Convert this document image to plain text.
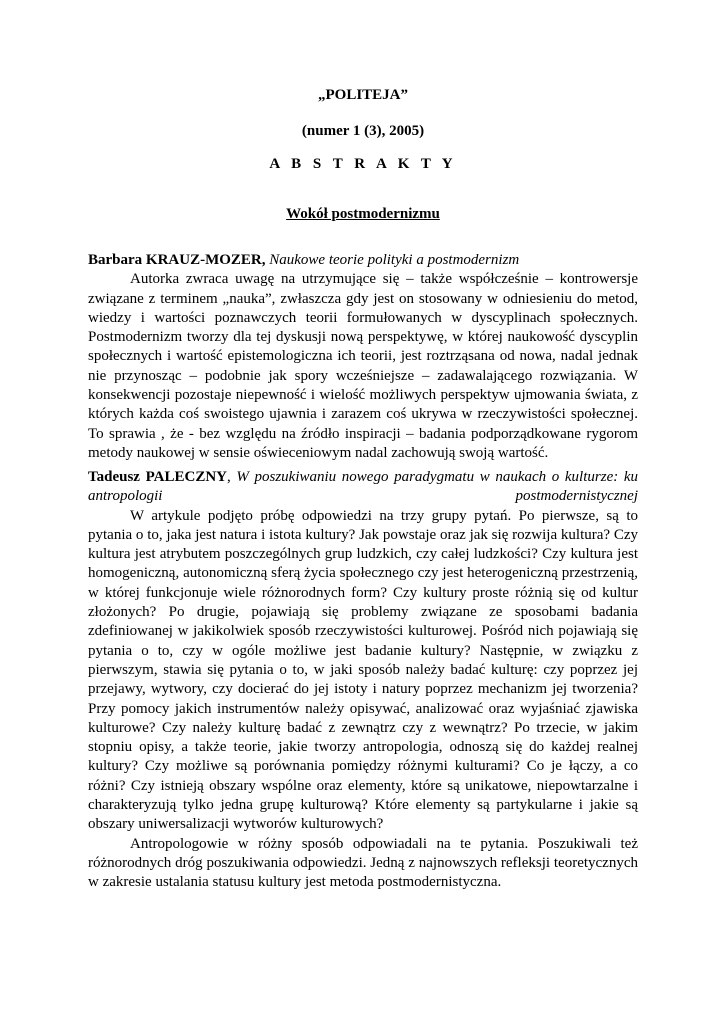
„POLITEJA”
(numer 1 (3), 2005)
A B S T R A K T Y
Wokół postmodernizmu
Barbara KRAUZ-MOZER, Naukowe teorie polityki a postmodernizm

Autorka zwraca uwagę na utrzymujące się – także współcześnie – kontrowersje związane z terminem „nauka”, zwłaszcza gdy jest on stosowany w odniesieniu do metod, wiedzy i wartości poznawczych teorii formułowanych w dyscyplinach społecznych. Postmodernizm tworzy dla tej dyskusji nową perspektywę, w której naukowość dyscyplin społecznych i wartość epistemologiczna ich teorii, jest roztrząsana od nowa, nadal jednak nie przynosząc – podobnie jak spory wcześniejsze – zadawalającego rozwiązania. W konsekwencji pozostaje niepewność i wielość możliwych perspektyw ujmowania świata, z których każda coś swoistego ujawnia i zarazem coś ukrywa w rzeczywistości społecznej. To sprawia , że - bez względu na źródło inspiracji – badania podporządkowane rygorom metody naukowej w sensie oświeceniowym nadal zachowują swoją wartość.

Tadeusz PALECZNY, W poszukiwaniu nowego paradygmatu w naukach o kulturze: ku antropologii postmodernistycznej

W artykule podjęto próbę odpowiedzi na trzy grupy pytań. Po pierwsze, są to pytania o to, jaka jest natura i istota kultury? Jak powstaje oraz jak się rozwija kultura? Czy kultura jest atrybutem poszczególnych grup ludzkich, czy całej ludzkości? Czy kultura jest homogeniczną, autonomiczną sferą życia społecznego czy jest heterogeniczną przestrzenią, w której funkcjonuje wiele różnorodnych form? Czy kultury proste różnią się od kultur złożonych? Po drugie, pojawiają się problemy związane ze sposobami badania zdefiniowanej w jakikolwiek sposób rzeczywistości kulturowej. Pośród nich pojawiają się pytania o to, czy w ogóle możliwe jest badanie kultury? Następnie, w związku z pierwszym, stawia się pytania o to, w jaki sposób należy badać kulturę: czy poprzez jej przejawy, wytwory, czy docierać do jej istoty i natury poprzez mechanizm jej tworzenia? Przy pomocy jakich instrumentów należy opisywać, analizować oraz wyjaśniać zjawiska kulturowe? Czy należy kulturę badać z zewnątrz czy z wewnątrz? Po trzecie, w jakim stopniu opisy, a także teorie, jakie tworzy antropologia, odnoszą się do każdej realnej kultury? Czy możliwe są porównania pomiędzy różnymi kulturami? Co je łączy, a co różni? Czy istnieją obszary wspólne oraz elementy, które są unikatowe, niepowtarzalne i charakteryzują tylko jedna grupę kulturową? Które elementy są partykularne i jakie są obszary uniwersalizacji wytworów kulturowych?

Antropologowie w różny sposób odpowiadali na te pytania. Poszukiwali też różnorodnych dróg poszukiwania odpowiedzi. Jedną z najnowszych refleksji teoretycznych w zakresie ustalania statusu kultury jest metoda postmodernistyczna.
